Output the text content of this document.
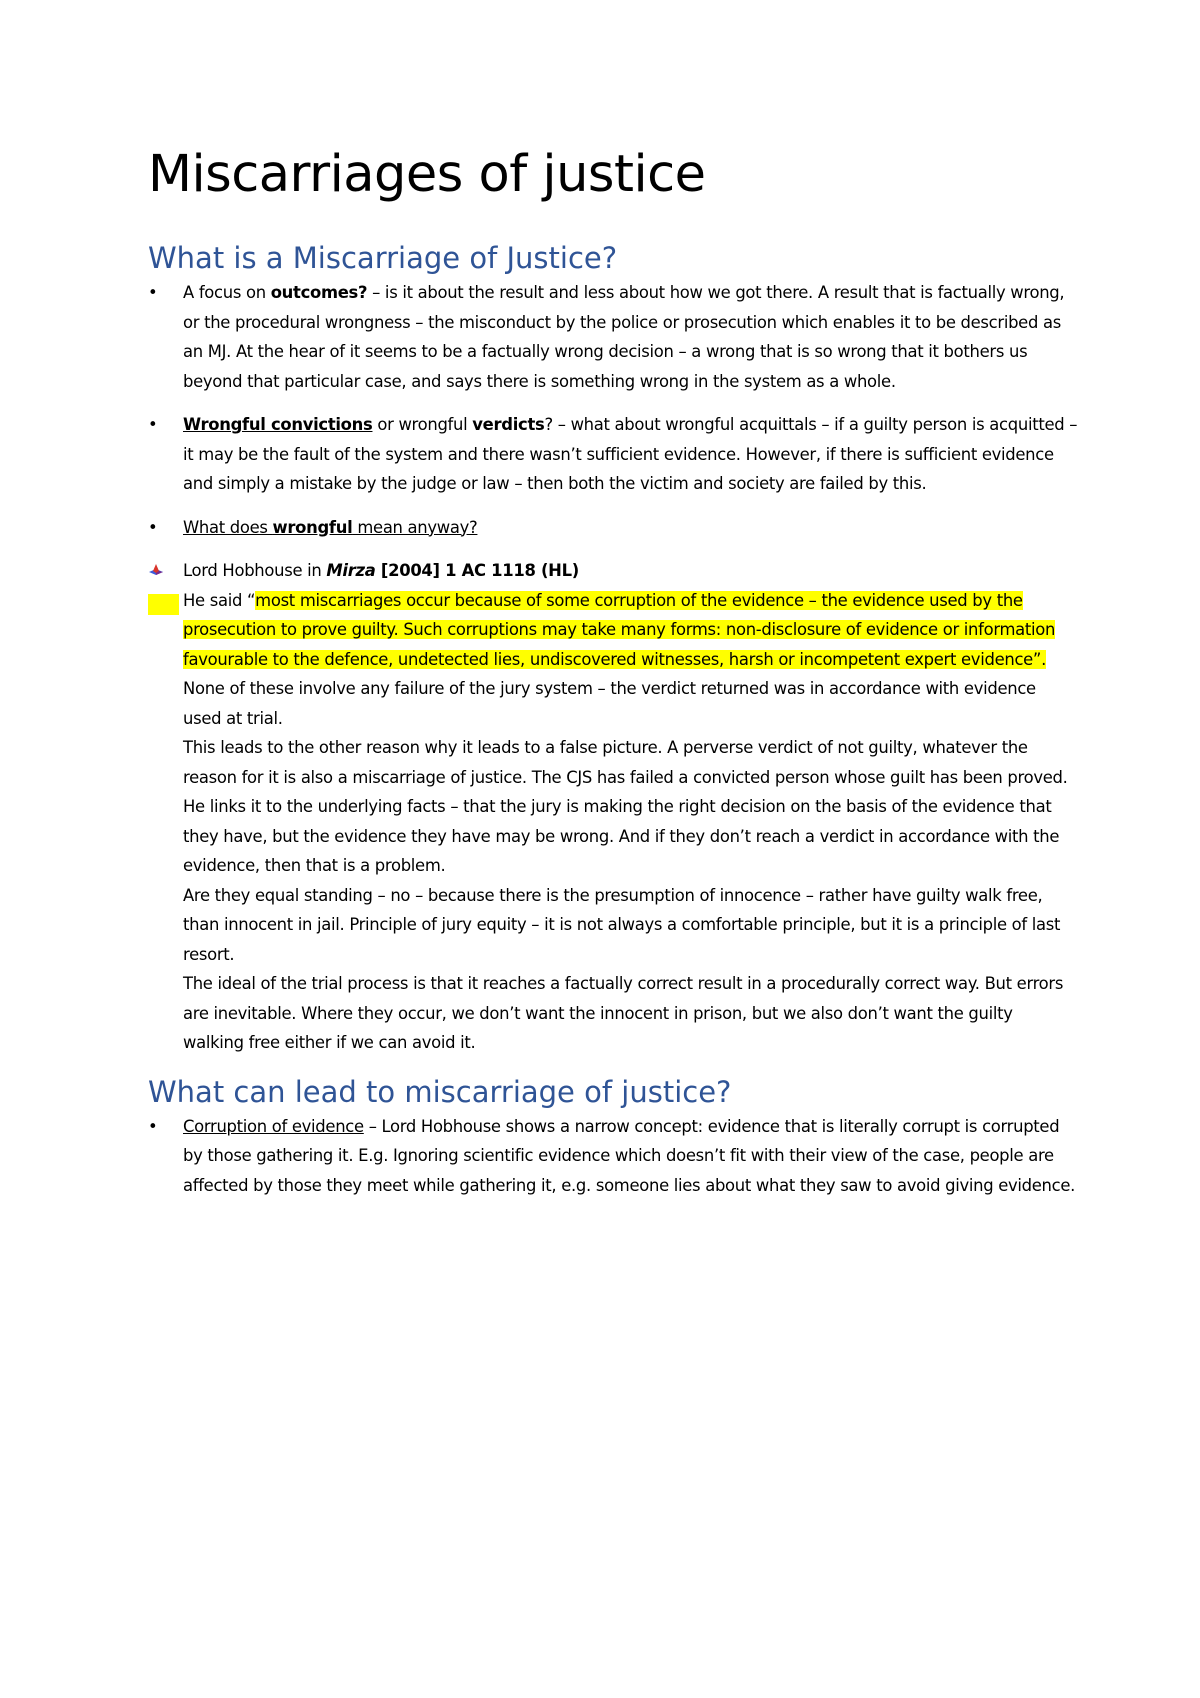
Miscarriages of justice
What is a Miscarriage of Justice?

•	A focus on outcomes? – is it about the result and less about how we got there. A result that is factually wrong, or the procedural wrongness – the misconduct by the police or prosecution which enables it to be described as an MJ. At the hear of it seems to be a factually wrong decision – a wrong that is so wrong that it bothers us beyond that particular case, and says there is something wrong in the system as a whole.

•	Wrongful convictions or wrongful verdicts? – what about wrongful acquittals – if a guilty person is acquitted – it may be the fault of the system and there wasn’t sufficient evidence. However, if there is sufficient evidence and simply a mistake by the judge or law – then both the victim and society are failed by this.

•	What does wrongful mean anyway?

Lord Hobhouse in Mirza [2004] 1 AC 1118 (HL)

He said “most miscarriages occur because of some corruption of the evidence – the evidence used by the prosecution to prove guilty. Such corruptions may take many forms: non-disclosure of evidence or information favourable to the defence, undetected lies, undiscovered witnesses, harsh or incompetent expert evidence”.

None of these involve any failure of the jury system – the verdict returned was in accordance with evidence used at trial.

This leads to the other reason why it leads to a false picture. A perverse verdict of not guilty, whatever the reason for it is also a miscarriage of justice. The CJS has failed a convicted person whose guilt has been proved.

He links it to the underlying facts – that the jury is making the right decision on the basis of the evidence that they have, but the evidence they have may be wrong. And if they don’t reach a verdict in accordance with the evidence, then that is a problem.

Are they equal standing – no – because there is the presumption of innocence – rather have guilty walk free, than innocent in jail. Principle of jury equity – it is not always a comfortable principle, but it is a principle of last resort.

The ideal of the trial process is that it reaches a factually correct result in a procedurally correct way. But errors are inevitable. Where they occur, we don’t want the innocent in prison, but we also don’t want the guilty walking free either if we can avoid it.

What can lead to miscarriage of justice?

•	Corruption of evidence – Lord Hobhouse shows a narrow concept: evidence that is literally corrupt is corrupted by those gathering it. E.g. Ignoring scientific evidence which doesn’t fit with their view of the case, people are affected by those they meet while gathering it, e.g. someone lies about what they saw to avoid giving evidence.
